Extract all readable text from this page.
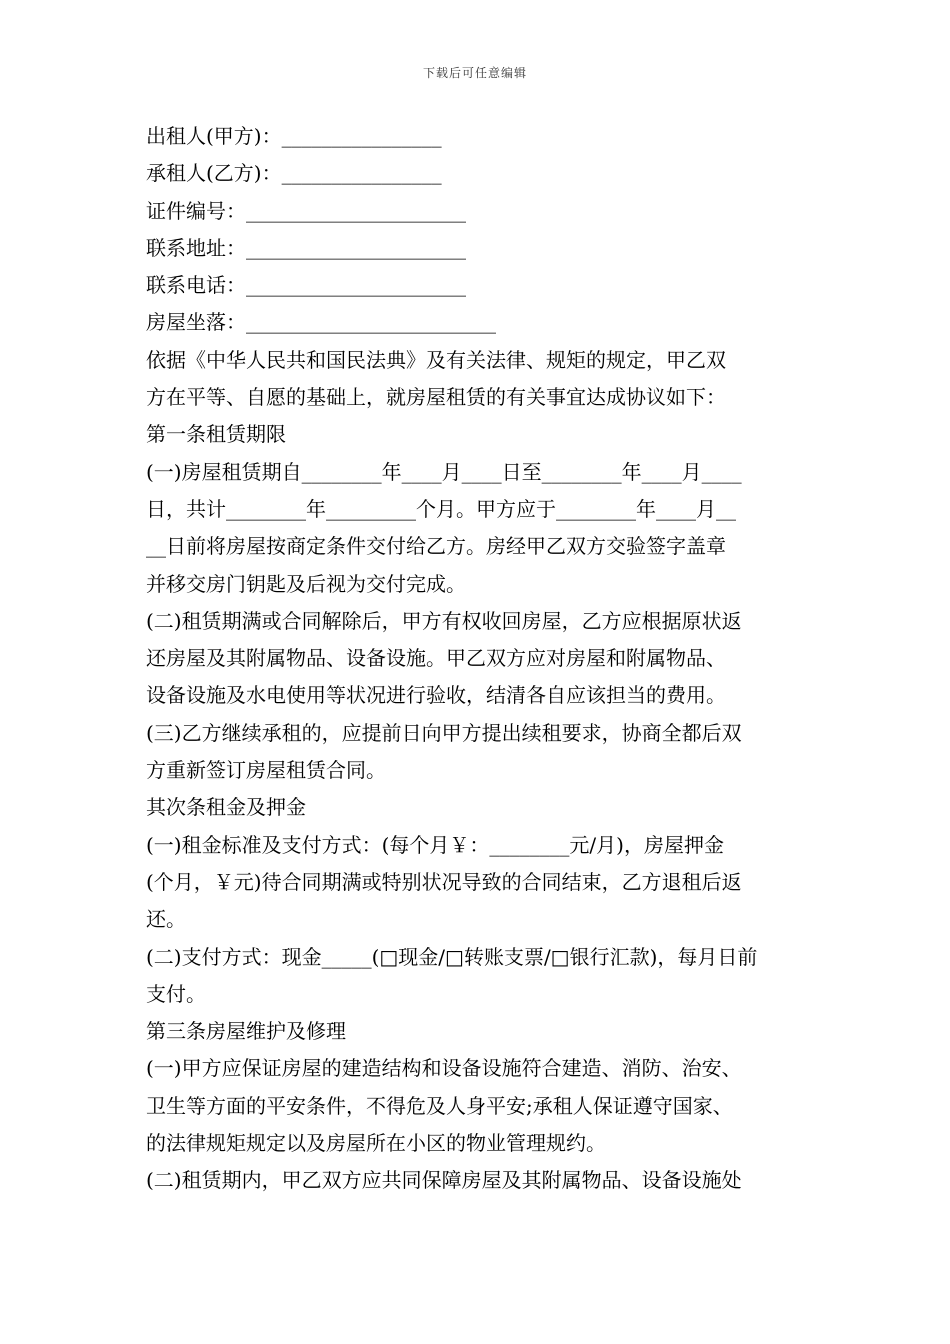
下载后可任意编辑
出租人(甲方)：________________
承租人(乙方)：________________
证件编号：______________________
联系地址：______________________
联系电话：______________________
房屋坐落：_________________________
依据《中华人民共和国民法典》及有关法律、规矩的规定，甲乙双
方在平等、自愿的基础上，就房屋租赁的有关事宜达成协议如下：
第一条租赁期限
(一)房屋租赁期自________年____月____日至________年____月____
日，共计________年_________个月。甲方应于________年____月__
__日前将房屋按商定条件交付给乙方。房经甲乙双方交验签字盖章
并移交房门钥匙及后视为交付完成。
(二)租赁期满或合同解除后，甲方有权收回房屋，乙方应根据原状返
还房屋及其附属物品、设备设施。甲乙双方应对房屋和附属物品、
设备设施及水电使用等状况进行验收，结清各自应该担当的费用。
(三)乙方继续承租的，应提前日向甲方提出续租要求，协商全都后双
方重新签订房屋租赁合同。
其次条租金及押金
(一)租金标准及支付方式：(每个月￥：________元/月)，房屋押金
(个月，￥元)待合同期满或特别状况导致的合同结束，乙方退租后返
还。
(二)支付方式：现金_____(□现金/□转账支票/□银行汇款)，每月日前
支付。
第三条房屋维护及修理
(一)甲方应保证房屋的建造结构和设备设施符合建造、消防、治安、
卫生等方面的平安条件，不得危及人身平安;承租人保证遵守国家、
的法律规矩规定以及房屋所在小区的物业管理规约。
(二)租赁期内，甲乙双方应共同保障房屋及其附属物品、设备设施处
